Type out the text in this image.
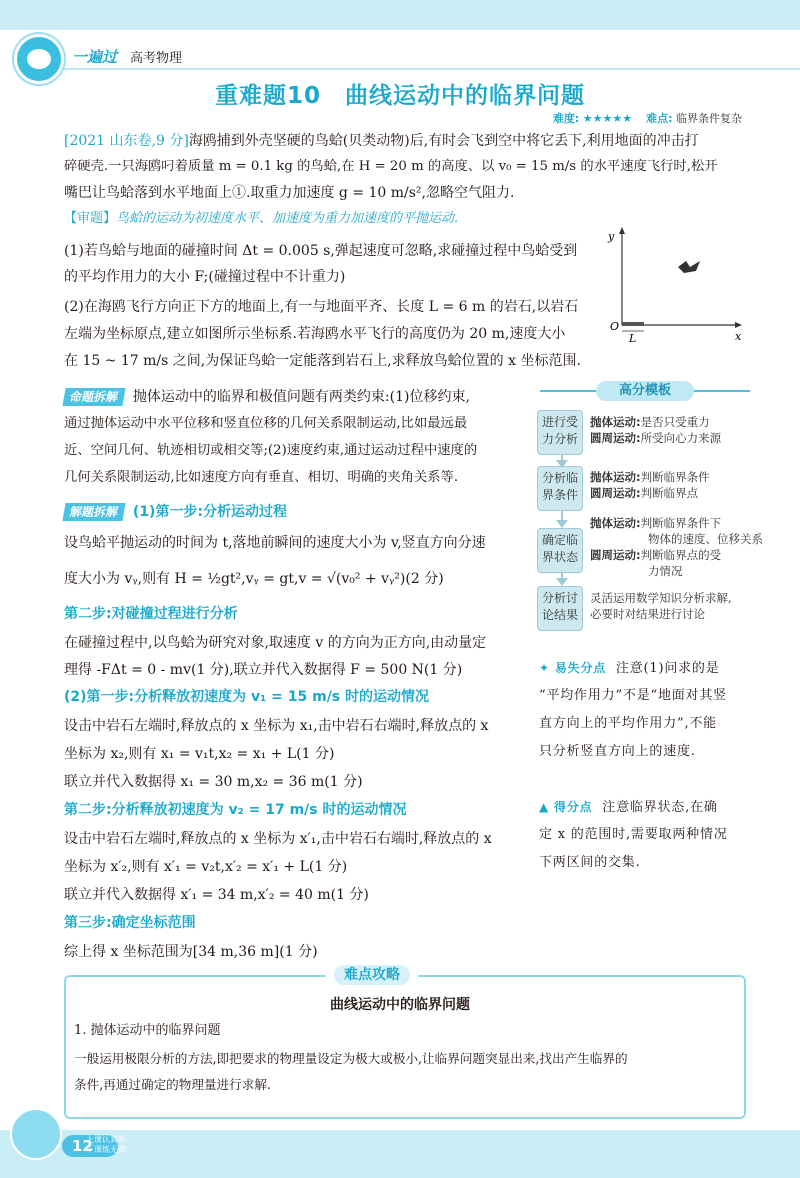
一遍过 高考物理
重难题10　曲线运动中的临界问题
难度: ★★★★★ 难点: 临界条件复杂
[2021 山东卷,9 分]海鸥捕到外壳坚硬的鸟蛤(贝类动物)后,有时会飞到空中将它丢下,利用地面的冲击打
碎硬壳.一只海鸥叼着质量 m = 0.1 kg 的鸟蛤,在 H = 20 m 的高度、以 v₀ = 15 m/s 的水平速度飞行时,松开
嘴巴让鸟蛤落到水平地面上①.取重力加速度 g = 10 m/s²,忽略空气阻力.
【审题】鸟蛤的运动为初速度水平、加速度为重力加速度的平抛运动.
(1)若鸟蛤与地面的碰撞时间 Δt = 0.005 s,弹起速度可忽略,求碰撞过程中鸟蛤受到
的平均作用力的大小 F;(碰撞过程中不计重力)
(2)在海鸥飞行方向正下方的地面上,有一与地面平齐、长度 L = 6 m 的岩石,以岩石
左端为坐标原点,建立如图所示坐标系.若海鸥水平飞行的高度仍为 20 m,速度大小
在 15 ~ 17 m/s 之间,为保证鸟蛤一定能落到岩石上,求释放鸟蛤位置的 x 坐标范围.
y
x
O
L
命题拆解 抛体运动中的临界和极值问题有两类约束:(1)位移约束,
通过抛体运动中水平位移和竖直位移的几何关系限制运动,比如最远最
近、空间几何、轨迹相切或相交等;(2)速度约束,通过运动过程中速度的
几何关系限制运动,比如速度方向有垂直、相切、明确的夹角关系等.
解题拆解 (1)第一步:分析运动过程
设鸟蛤平抛运动的时间为 t,落地前瞬间的速度大小为 v,竖直方向分速
度大小为 vᵧ,则有 H = ½gt²,vᵧ = gt,v = √(v₀² + vᵧ²)(2 分)
第二步:对碰撞过程进行分析
在碰撞过程中,以鸟蛤为研究对象,取速度 v 的方向为正方向,由动量定
理得 -FΔt = 0 - mv(1 分),联立并代入数据得 F = 500 N(1 分)
(2)第一步:分析释放初速度为 v₁ = 15 m/s 时的运动情况
设击中岩石左端时,释放点的 x 坐标为 x₁,击中岩石右端时,释放点的 x
坐标为 x₂,则有 x₁ = v₁t,x₂ = x₁ + L(1 分)
联立并代入数据得 x₁ = 30 m,x₂ = 36 m(1 分)
第二步:分析释放初速度为 v₂ = 17 m/s 时的运动情况
设击中岩石左端时,释放点的 x 坐标为 x′₁,击中岩石右端时,释放点的 x
坐标为 x′₂,则有 x′₁ = v₂t,x′₂ = x′₁ + L(1 分)
联立并代入数据得 x′₁ = 34 m,x′₂ = 40 m(1 分)
第三步:确定坐标范围
综上得 x 坐标范围为[34 m,36 m](1 分)
高分模板
进行受
力分析
抛体运动:是否只受重力
圆周运动:所受向心力来源
分析临
界条件
抛体运动:判断临界条件
圆周运动:判断临界点
确定临
界状态
抛体运动:判断临界条件下
物体的速度、位移关系
圆周运动:判断临界点的受
力情况
分析讨
论结果
灵活运用数学知识分析求解,
必要时对结果进行讨论
✦ 易失分点 注意(1)问求的是
“平均作用力”不是“地面对其竖
直方向上的平均作用力”,不能
只分析竖直方向上的速度.
▲ 得分点 注意临界状态,在确
定 x 的范围时,需要取两种情况
下两区间的交集.
难点攻略
曲线运动中的临界问题
1. 抛体运动中的临界问题
一般运用极限分析的方法,即把要求的物理量设定为极大或极小,让临界问题突显出来,找出产生临界的
条件,再通过确定的物理量进行求解.
12
上课认真听
下课练无敌
